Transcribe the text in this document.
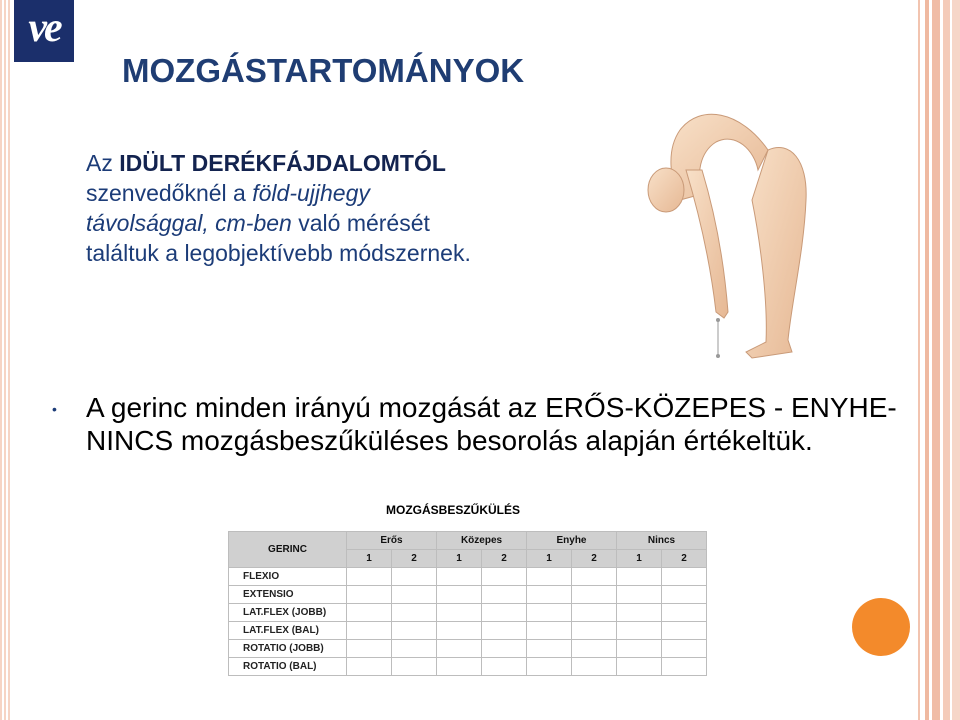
ve
MOZGÁSTARTOMÁNYOK
Az IDÜLT DERÉKFÁJDALOMTÓL
szenvedőknél a föld-ujjhegy
távolsággal, cm-ben való mérését
találtuk a legobjektívebb módszernek.
• A gerinc minden irányú mozgását az ERŐS-KÖZEPES - ENYHE-NINCS mozgásbeszűküléses besorolás alapján értékeltük.
MOZGÁSBESZŰKÜLÉS
GERINC	Erős		Közepes		Enyhe		Nincs	
	1	2	1	2	1	2	1	2
FLEXIO								
EXTENSIO								
LAT.FLEX (JOBB)								
LAT.FLEX (BAL)								
ROTATIO (JOBB)								
ROTATIO (BAL)								
